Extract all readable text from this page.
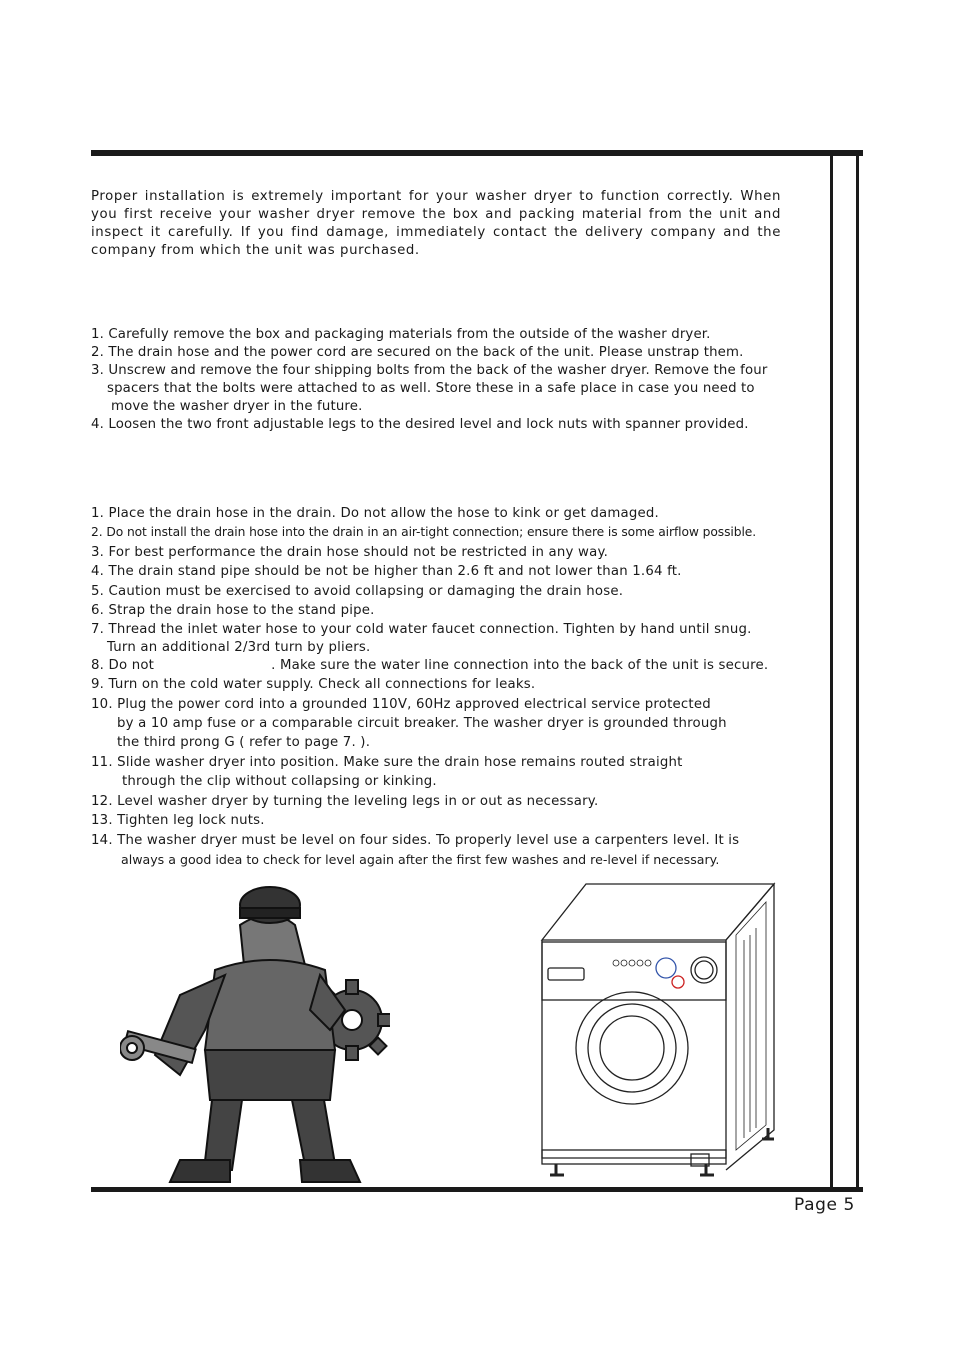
Proper installation is extremely important for your washer dryer to function correctly. When you first receive your washer dryer remove the box and packing material from the unit and inspect it carefully. If you find damage, immediately contact the delivery company and the company from which the unit was purchased.

1. Carefully remove the box and packaging materials from the outside of the washer dryer.
2. The drain hose and the power cord are secured on the back of the unit. Please unstrap them.
3. Unscrew and remove the four shipping bolts from the back of the washer dryer. Remove the four
spacers that the bolts were attached to as well. Store these in a safe place in case you need to
move the washer dryer in the future.
4. Loosen the two front adjustable legs to the desired level and lock nuts with spanner provided.
1. Place the drain hose in the drain. Do not allow the hose to kink or get damaged.
2. Do not install the drain hose into the drain in an air-tight connection; ensure there is some airflow possible.
3. For best performance the drain hose should not be restricted in any way.
4. The drain stand pipe should be not be higher than 2.6 ft and not lower than 1.64 ft.
5. Caution must be exercised to avoid collapsing or damaging the drain hose.
6. Strap the drain hose to the stand pipe.
7. Thread the inlet water hose to your cold water faucet connection. Tighten by hand until snug.
Turn an additional 2/3rd turn by pliers.
8. Do not	. Make sure the water line connection into the back of the unit is secure.
9. Turn on the cold water supply. Check all connections for leaks.
10. Plug the power cord into a grounded 110V, 60Hz approved electrical service protected
by a 10 amp fuse or a comparable circuit breaker. The washer dryer is grounded through
the third prong G ( refer to page 7. ).
11. Slide washer dryer into position. Make sure the drain hose remains routed straight
through the clip without collapsing or kinking.
12. Level washer dryer by turning the leveling legs in or out as necessary.
13. Tighten leg lock nuts.
14. The washer dryer must be level on four sides. To properly level use a carpenters level. It is
always a good idea to check for level again after the first few washes and re-level if necessary.
Page 5
